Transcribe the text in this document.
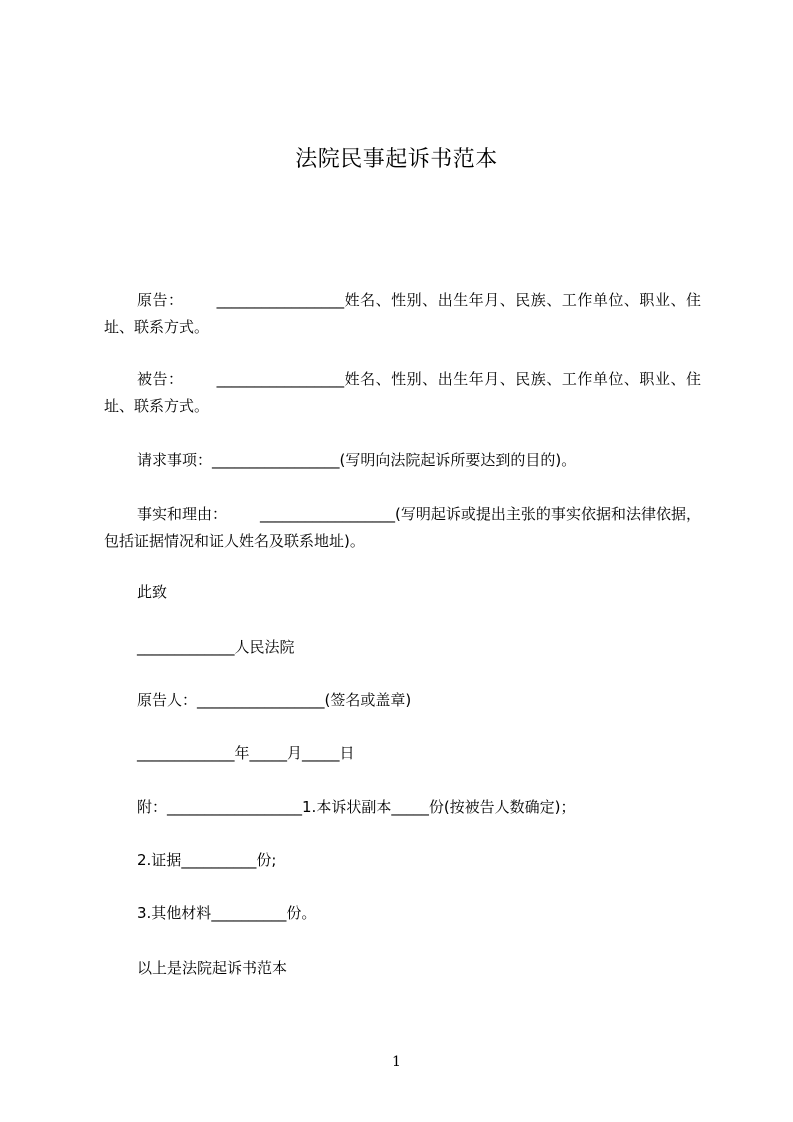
法院民事起诉书范本
原告： _________________姓名、性别、出生年月、民族、工作单位、职业、住址、联系方式。
被告： _________________姓名、性别、出生年月、民族、工作单位、职业、住址、联系方式。
请求事项：_________________(写明向法院起诉所要达到的目的)。
事实和理由： __________________(写明起诉或提出主张的事实依据和法律依据，包括证据情况和证人姓名及联系地址)。
此致
_____________人民法院
原告人：_________________(签名或盖章)
_____________年_____月_____日
附：__________________1.本诉状副本_____份(按被告人数确定)；
2.证据__________份;
3.其他材料__________份。
以上是法院起诉书范本
1
